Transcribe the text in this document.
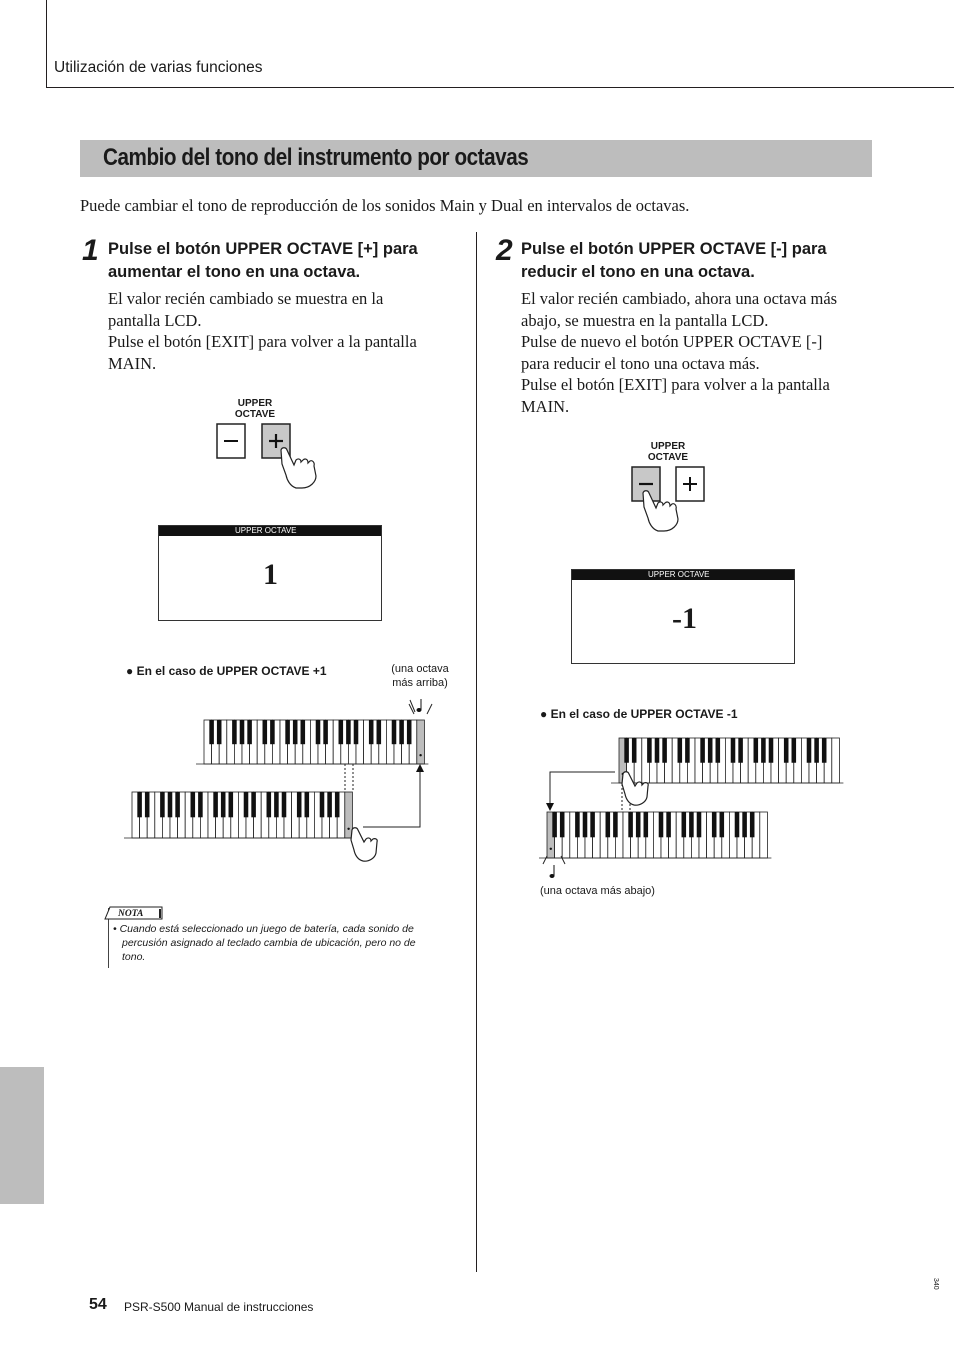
Utilización de varias funciones
Cambio del tono del instrumento por octavas
Puede cambiar el tono de reproducción de los sonidos Main y Dual en intervalos de octavas.
1 Pulse el botón UPPER OCTAVE [+] para
aumentar el tono en una octava.
El valor recién cambiado se muestra en la
pantalla LCD.
Pulse el botón [EXIT] para volver a la pantalla
MAIN.
UPPER
OCTAVE
UPPER OCTAVE
1
● En el caso de UPPER OCTAVE +1	(una octava
más arriba)
NOTA
• Cuando está seleccionado un juego de batería, cada sonido de
percusión asignado al teclado cambia de ubicación, pero no de
tono.
2 Pulse el botón UPPER OCTAVE [-] para
reducir el tono en una octava.
El valor recién cambiado, ahora una octava más
abajo, se muestra en la pantalla LCD.
Pulse de nuevo el botón UPPER OCTAVE [-]
para reducir el tono una octava más.
Pulse el botón [EXIT] para volver a la pantalla
MAIN.
UPPER
OCTAVE
UPPER OCTAVE
-1
● En el caso de UPPER OCTAVE -1
(una octava más abajo)
54 PSR-S500 Manual de instrucciones
340
